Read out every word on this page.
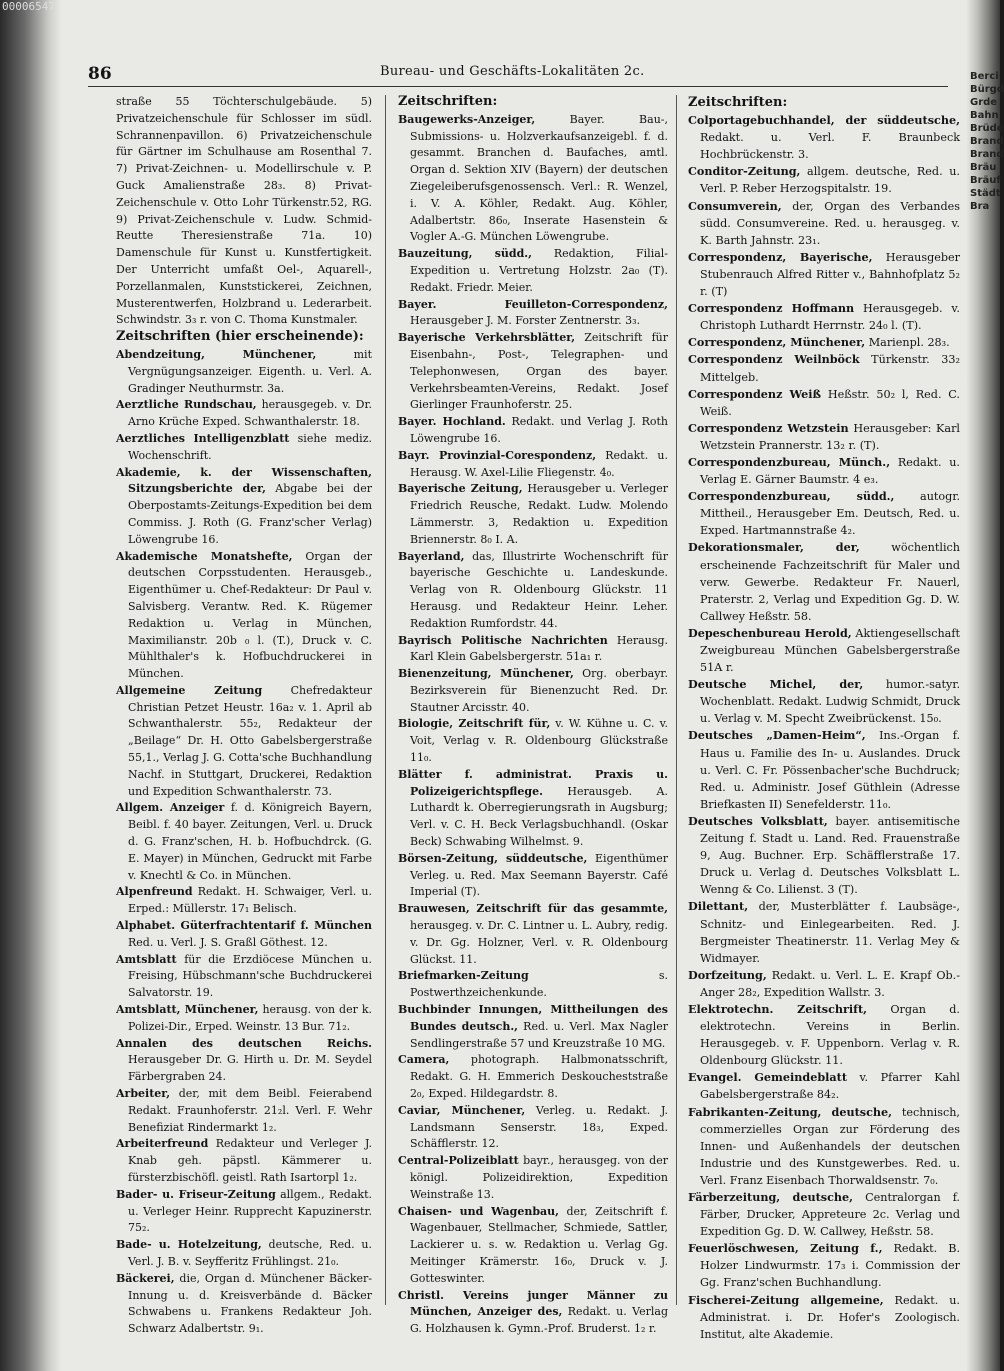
00006547
Berci
Bürgd
Grde
Bahn
Brüde
Brand
Brand
Bräu
Bräuf
Städt
Bra
86	Bureau- und Geschäfts-Lokalitäten 2c.
straße 55 Töchterschulgebäude. 5) Privatzeichenschule für Schlosser im südl. Schrannenpavillon. 6) Privatzeichenschule für Gärtner im Schulhause am Rosenthal 7. 7) Privat-Zeichnen- u. Modellirschule v. P. Guck Amalienstraße 28₃. 8) Privat-Zeichenschule v. Otto Lohr Türkenstr.52, RG. 9) Privat-Zeichenschule v. Ludw. Schmid-Reutte Theresienstraße 71a. 10) Damenschule für Kunst u. Kunstfertigkeit. Der Unterricht umfaßt Oel-, Aquarell-, Porzellanmalen, Kunststickerei, Zeichnen, Musterentwerfen, Holzbrand u. Lederarbeit. Schwindstr. 3₃ r. von C. Thoma Kunstmaler.
Zeitschriften (hier erscheinende):
Abendzeitung, Münchener, mit Vergnügungsanzeiger. Eigenth. u. Verl. A. Gradinger Neuthurmstr. 3a.
Aerztliche Rundschau, herausgegeb. v. Dr. Arno Krüche Exped. Schwanthalerstr. 18.
Aerztliches Intelligenzblatt siehe mediz. Wochenschrift.
Akademie, k. der Wissenschaften, Sitzungsberichte der, Abgabe bei der Oberpostamts-Zeitungs-Expedition bei dem Commiss. J. Roth (G. Franz'scher Verlag) Löwengrube 16.
Akademische Monatshefte, Organ der deutschen Corpsstudenten. Herausgeb., Eigenthümer u. Chef-Redakteur: Dr Paul v. Salvisberg. Verantw. Red. K. Rügemer Redaktion u. Verlag in München, Maximilianstr. 20b ₀ l. (T.), Druck v. C. Mühlthaler's k. Hofbuchdruckerei in München.
Allgemeine Zeitung Chefredakteur Christian Petzet Heustr. 16a₂ v. 1. April ab Schwanthalerstr. 55₂, Redakteur der „Beilage“ Dr. H. Otto Gabelsbergerstraße 55,1., Verlag J. G. Cotta'sche Buchhandlung Nachf. in Stuttgart, Druckerei, Redaktion und Expedition Schwanthalerstr. 73.
Allgem. Anzeiger f. d. Königreich Bayern, Beibl. f. 40 bayer. Zeitungen, Verl. u. Druck d. G. Franz'schen, H. b. Hofbuchdrck. (G. E. Mayer) in München, Gedruckt mit Farbe v. Knechtl & Co. in München.
Alpenfreund Redakt. H. Schwaiger, Verl. u. Erped.: Müllerstr. 17₁ Belisch.
Alphabet. Güterfrachtentarif f. München Red. u. Verl. J. S. Graßl Göthest. 12.
Amtsblatt für die Erzdiöcese München u. Freising, Hübschmann'sche Buchdruckerei Salvatorstr. 19.
Amtsblatt, Münchener, herausg. von der k. Polizei-Dir., Erped. Weinstr. 13 Bur. 71₂.
Annalen des deutschen Reichs. Herausgeber Dr. G. Hirth u. Dr. M. Seydel Färbergraben 24.
Arbeiter, der, mit dem Beibl. Feierabend Redakt. Fraunhoferstr. 21₂l. Verl. F. Wehr Benefiziat Rindermarkt 1₂.
Arbeiterfreund Redakteur und Verleger J. Knab geh. päpstl. Kämmerer u. fürsterzbischöfl. geistl. Rath Isartorpl 1₂.
Bader- u. Friseur-Zeitung allgem., Redakt. u. Verleger Heinr. Rupprecht Kapuzinerstr. 75₂.
Bade- u. Hotelzeitung, deutsche, Red. u. Verl. J. B. v. Seyfferitz Frühlingst. 21₀.
Bäckerei, die, Organ d. Münchener Bäcker-Innung u. d. Kreisverbände d. Bäcker Schwabens u. Frankens Redakteur Joh. Schwarz Adalbertstr. 9₁.
Zeitschriften:
Baugewerks-Anzeiger, Bayer. Bau-, Submissions- u. Holzverkaufsanzeigebl. f. d. gesammt. Branchen d. Baufaches, amtl. Organ d. Sektion XIV (Bayern) der deutschen Ziegeleiberufsgenossensch. Verl.: R. Wenzel, i. V. A. Köhler, Redakt. Aug. Köhler, Adalbertstr. 86₀, Inserate Hasenstein & Vogler A.-G. München Löwengrube.
Bauzeitung, südd., Redaktion, Filial-Expedition u. Vertretung Holzstr. 2a₀ (T). Redakt. Friedr. Meier.
Bayer. Feuilleton-Correspondenz, Herausgeber J. M. Forster Zentnerstr. 3₃.
Bayerische Verkehrsblätter, Zeitschrift für Eisenbahn-, Post-, Telegraphen- und Telephonwesen, Organ des bayer. Verkehrsbeamten-Vereins, Redakt. Josef Gierlinger Fraunhoferstr. 25.
Bayer. Hochland. Redakt. und Verlag J. Roth Löwengrube 16.
Bayr. Provinzial-Corespondenz, Redakt. u. Herausg. W. Axel-Lilie Fliegenstr. 4₀.
Bayerische Zeitung, Herausgeber u. Verleger Friedrich Reusche, Redakt. Ludw. Molendo Lämmerstr. 3, Redaktion u. Expedition Briennerstr. 8₀ I. A.
Bayerland, das, Illustrirte Wochenschrift für bayerische Geschichte u. Landeskunde. Verlag von R. Oldenbourg Glückstr. 11 Herausg. und Redakteur Heinr. Leher. Redaktion Rumfordstr. 44.
Bayrisch Politische Nachrichten Herausg. Karl Klein Gabelsbergerstr. 51a₁ r.
Bienenzeitung, Münchener, Org. oberbayr. Bezirksverein für Bienenzucht Red. Dr. Stautner Arcisstr. 40.
Biologie, Zeitschrift für, v. W. Kühne u. C. v. Voit, Verlag v. R. Oldenbourg Glückstraße 11₀.
Blätter f. administrat. Praxis u. Polizeigerichtspflege. Herausgeb. A. Luthardt k. Oberregierungsrath in Augsburg; Verl. v. C. H. Beck Verlagsbuchhandl. (Oskar Beck) Schwabing Wilhelmst. 9.
Börsen-Zeitung, süddeutsche, Eigenthümer Verleg. u. Red. Max Seemann Bayerstr. Café Imperial (T).
Brauwesen, Zeitschrift für das gesammte, herausgeg. v. Dr. C. Lintner u. L. Aubry, redig. v. Dr. Gg. Holzner, Verl. v. R. Oldenbourg Glückst. 11.
Briefmarken-Zeitung s. Postwerthzeichenkunde.
Buchbinder Innungen, Mittheilungen des Bundes deutsch., Red. u. Verl. Max Nagler Sendlingerstraße 57 und Kreuzstraße 10 MG.
Camera, photograph. Halbmonatsschrift, Redakt. G. H. Emmerich Deskoucheststraße 2₀, Exped. Hildegardstr. 8.
Caviar, Münchener, Verleg. u. Redakt. J. Landsmann Senserstr. 18₃, Exped. Schäfflerstr. 12.
Central-Polizeiblatt bayr., herausgeg. von der königl. Polizeidirektion, Expedition Weinstraße 13.
Chaisen- und Wagenbau, der, Zeitschrift f. Wagenbauer, Stellmacher, Schmiede, Sattler, Lackierer u. s. w. Redaktion u. Verlag Gg. Meitinger Krämerstr. 16₀, Druck v. J. Gotteswinter.
Christl. Vereins junger Männer zu München, Anzeiger des, Redakt. u. Verlag G. Holzhausen k. Gymn.-Prof. Bruderst. 1₂ r.
Zeitschriften:
Colportagebuchhandel, der süddeutsche, Redakt. u. Verl. F. Braunbeck Hochbrückenstr. 3.
Conditor-Zeitung, allgem. deutsche, Red. u. Verl. P. Reber Herzogspitalstr. 19.
Consumverein, der, Organ des Verbandes südd. Consumvereine. Red. u. herausgeg. v. K. Barth Jahnstr. 23₁.
Correspondenz, Bayerische, Herausgeber Stubenrauch Alfred Ritter v., Bahnhofplatz 5₂ r. (T)
Correspondenz Hoffmann Herausgegeb. v. Christoph Luthardt Herrnstr. 24₀ l. (T).
Correspondenz, Münchener, Marienpl. 28₃.
Correspondenz Weilnböck Türkenstr. 33₂ Mittelgeb.
Correspondenz Weiß Heßstr. 50₂ l, Red. C. Weiß.
Correspondenz Wetzstein Herausgeber: Karl Wetzstein Prannerstr. 13₂ r. (T).
Correspondenzbureau, Münch., Redakt. u. Verlag E. Gärner Baumstr. 4 e₃.
Correspondenzbureau, südd., autogr. Mittheil., Herausgeber Em. Deutsch, Red. u. Exped. Hartmannstraße 4₂.
Dekorationsmaler, der, wöchentlich erscheinende Fachzeitschrift für Maler und verw. Gewerbe. Redakteur Fr. Nauerl, Praterstr. 2, Verlag und Expedition Gg. D. W. Callwey Heßstr. 58.
Depeschenbureau Herold, Aktiengesellschaft Zweigbureau München Gabelsbergerstraße 51A r.
Deutsche Michel, der, humor.-satyr. Wochenblatt. Redakt. Ludwig Schmidt, Druck u. Verlag v. M. Specht Zweibrückenst. 15₀.
Deutsches „Damen-Heim“, Ins.-Organ f. Haus u. Familie des In- u. Auslandes. Druck u. Verl. C. Fr. Pössenbacher'sche Buchdruck; Red. u. Administr. Josef Güthlein (Adresse Briefkasten II) Senefelderstr. 11₀.
Deutsches Volksblatt, bayer. antisemitische Zeitung f. Stadt u. Land. Red. Frauenstraße 9, Aug. Buchner. Erp. Schäfflerstraße 17. Druck u. Verlag d. Deutsches Volksblatt L. Wenng & Co. Lilienst. 3 (T).
Dilettant, der, Musterblätter f. Laubsäge-, Schnitz- und Einlegearbeiten. Red. J. Bergmeister Theatinerstr. 11. Verlag Mey & Widmayer.
Dorfzeitung, Redakt. u. Verl. L. E. Krapf Ob.-Anger 28₂, Expedition Wallstr. 3.
Elektrotechn. Zeitschrift, Organ d. elektrotechn. Vereins in Berlin. Herausgegeb. v. F. Uppenborn. Verlag v. R. Oldenbourg Glückstr. 11.
Evangel. Gemeindeblatt v. Pfarrer Kahl Gabelsbergerstraße 84₂.
Fabrikanten-Zeitung, deutsche, technisch, commerzielles Organ zur Förderung des Innen- und Außenhandels der deutschen Industrie und des Kunstgewerbes. Red. u. Verl. Franz Eisenbach Thorwaldsenstr. 7₀.
Färberzeitung, deutsche, Centralorgan f. Färber, Drucker, Appreteure 2c. Verlag und Expedition Gg. D. W. Callwey, Heßstr. 58.
Feuerlöschwesen, Zeitung f., Redakt. B. Holzer Lindwurmstr. 17₃ i. Commission der Gg. Franz'schen Buchhandlung.
Fischerei-Zeitung allgemeine, Redakt. u. Administrat. i. Dr. Hofer's Zoologisch. Institut, alte Akademie.
